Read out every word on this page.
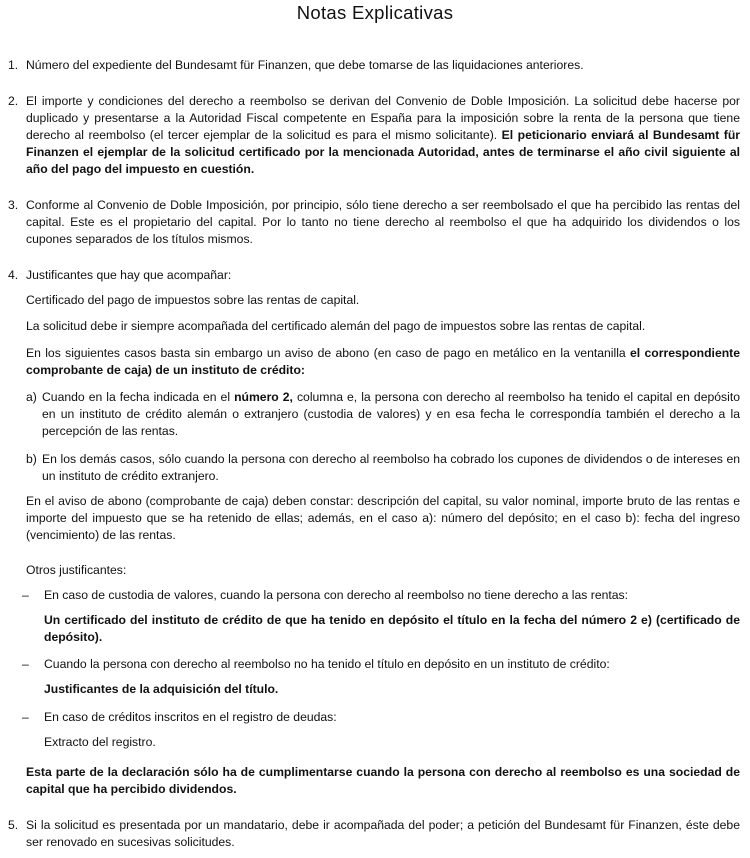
Notas Explicativas
1. Número del expediente del Bundesamt für Finanzen, que debe tomarse de las liquidaciones anteriores.
2. El importe y condiciones del derecho a reembolso se derivan del Convenio de Doble Imposición. La solicitud debe hacerse por duplicado y presentarse a la Autoridad Fiscal competente en España para la imposición sobre la renta de la persona que tiene derecho al reembolso (el tercer ejemplar de la solicitud es para el mismo solicitante). El peticionario enviará al Bundesamt für Finanzen el ejemplar de la solicitud certificado por la mencionada Autoridad, antes de terminarse el año civil siguiente al año del pago del impuesto en cuestión.
3. Conforme al Convenio de Doble Imposición, por principio, sólo tiene derecho a ser reembolsado el que ha percibido las rentas del capital. Este es el propietario del capital. Por lo tanto no tiene derecho al reembolso el que ha adquirido los dividendos o los cupones separados de los títulos mismos.
4. Justificantes que hay que acompañar:
Certificado del pago de impuestos sobre las rentas de capital.
La solicitud debe ir siempre acompañada del certificado alemán del pago de impuestos sobre las rentas de capital.
En los siguientes casos basta sin embargo un aviso de abono (en caso de pago en metálico en la ventanilla el correspondiente comprobante de caja) de un instituto de crédito:
a) Cuando en la fecha indicada en el número 2, columna e, la persona con derecho al reembolso ha tenido el capital en depósito en un instituto de crédito alemán o extranjero (custodia de valores) y en esa fecha le correspondía también el derecho a la percepción de las rentas.
b) En los demás casos, sólo cuando la persona con derecho al reembolso ha cobrado los cupones de dividendos o de intereses en un instituto de crédito extranjero.
En el aviso de abono (comprobante de caja) deben constar: descripción del capital, su valor nominal, importe bruto de las rentas e importe del impuesto que se ha retenido de ellas; además, en el caso a): número del depósito; en el caso b): fecha del ingreso (vencimiento) de las rentas.
Otros justificantes:
– En caso de custodia de valores, cuando la persona con derecho al reembolso no tiene derecho a las rentas:
Un certificado del instituto de crédito de que ha tenido en depósito el título en la fecha del número 2 e) (certificado de depósito).
– Cuando la persona con derecho al reembolso no ha tenido el título en depósito en un instituto de crédito:
Justificantes de la adquisición del título.
– En caso de créditos inscritos en el registro de deudas:
Extracto del registro.
Esta parte de la declaración sólo ha de cumplimentarse cuando la persona con derecho al reembolso es una sociedad de capital que ha percibido dividendos.
5. Si la solicitud es presentada por un mandatario, debe ir acompañada del poder; a petición del Bundesamt für Finanzen, éste debe ser renovado en sucesivas solicitudes.
